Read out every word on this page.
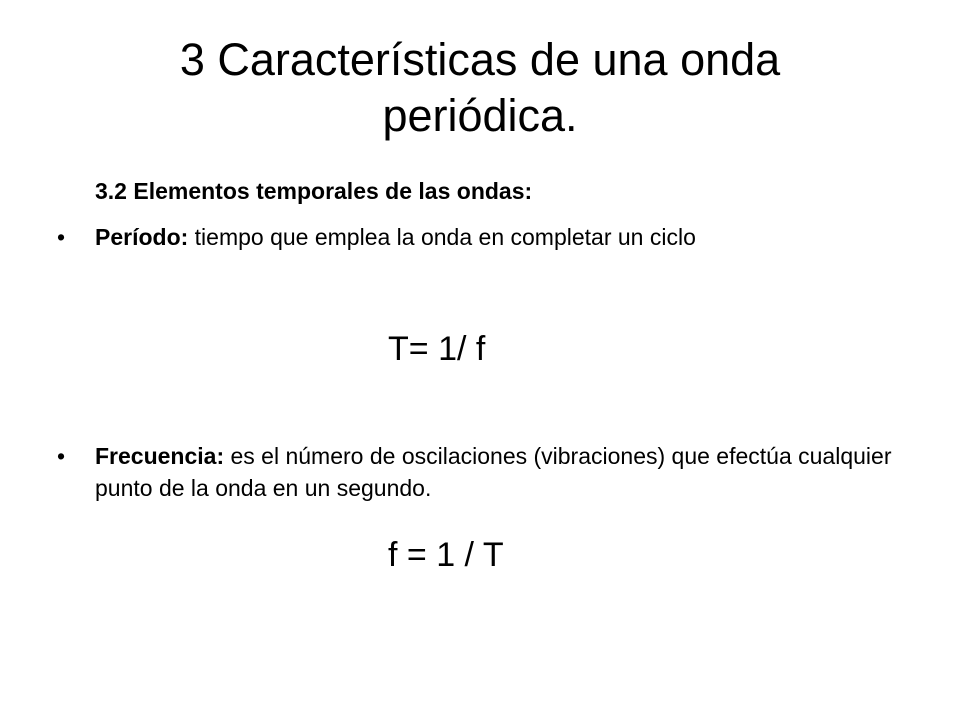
3 Características de una onda periódica.

3.2 Elementos temporales de las ondas:

• Período: tiempo que emplea la onda en completar un ciclo
T= 1/ f
• Frecuencia: es el número de oscilaciones (vibraciones) que efectúa cualquier punto de la onda en un segundo.
f = 1 / T
